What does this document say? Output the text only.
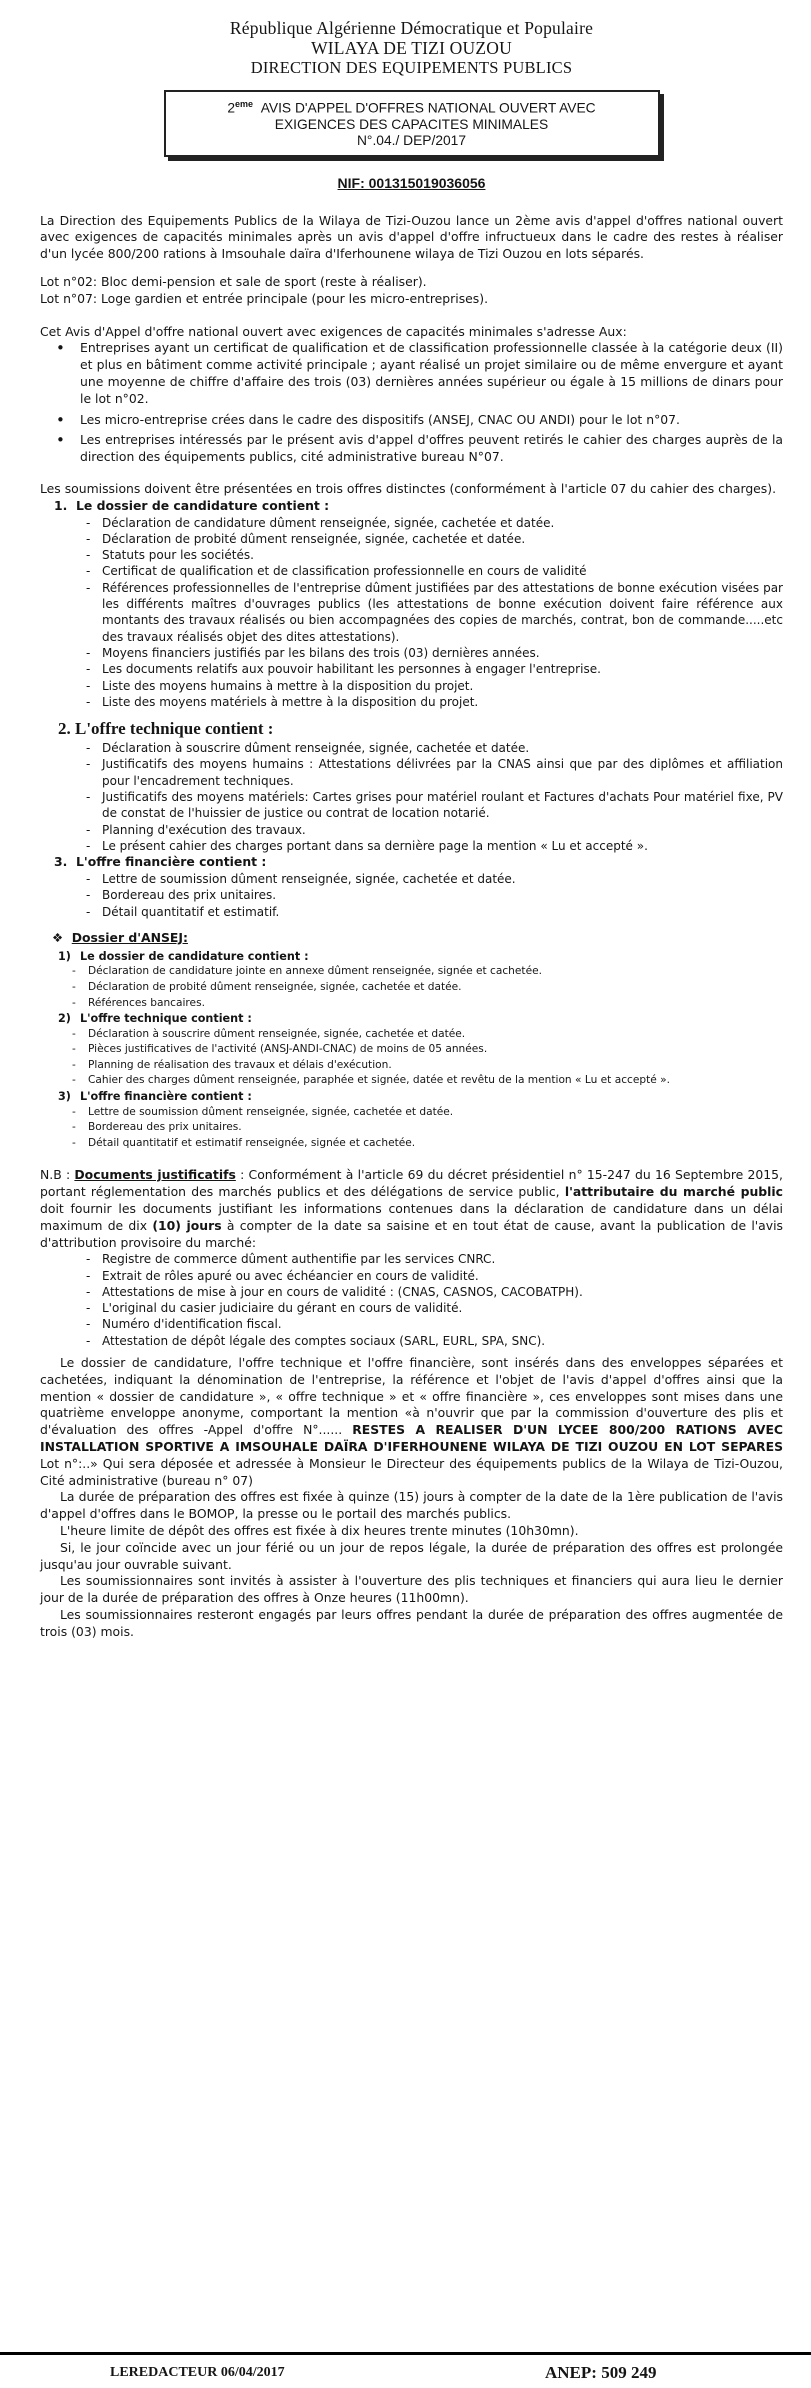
République Algérienne Démocratique et Populaire
WILAYA DE TIZI OUZOU
DIRECTION DES EQUIPEMENTS PUBLICS
2eme AVIS D'APPEL D'OFFRES NATIONAL OUVERT AVEC
EXIGENCES DES CAPACITES MINIMALES
N°.04./ DEP/2017
NIF: 001315019036056

La Direction des Equipements Publics de la Wilaya de Tizi-Ouzou lance un 2ème avis d'appel d'offres national ouvert avec exigences de capacités minimales après un avis d'appel d'offre infructueux dans le cadre des restes à réaliser d'un lycée 800/200 rations à Imsouhale daïra d'Iferhounene wilaya de Tizi Ouzou en lots séparés.

Lot n°02: Bloc demi-pension et sale de sport (reste à réaliser).

Lot n°07: Loge gardien et entrée principale (pour les micro-entreprises).

Cet Avis d'Appel d'offre national ouvert avec exigences de capacités minimales s'adresse Aux:

• Entreprises ayant un certificat de qualification et de classification professionnelle classée à la catégorie deux (II) et plus en bâtiment comme activité principale ; ayant réalisé un projet similaire ou de même envergure et ayant une moyenne de chiffre d'affaire des trois (03) dernières années supérieur ou égale à 15 millions de dinars pour le lot n°02.
• Les micro-entreprise crées dans le cadre des dispositifs (ANSEJ, CNAC OU ANDI) pour le lot n°07.
• Les entreprises intéressés par le présent avis d'appel d'offres peuvent retirés le cahier des charges auprès de la direction des équipements publics, cité administrative bureau N°07.

Les soumissions doivent être présentées en trois offres distinctes (conformément à l'article 07 du cahier des charges).

1. Le dossier de candidature contient :
- Déclaration de candidature dûment renseignée, signée, cachetée et datée.
- Déclaration de probité dûment renseignée, signée, cachetée et datée.
- Statuts pour les sociétés.
- Certificat de qualification et de classification professionnelle en cours de validité
- Références professionnelles de l'entreprise dûment justifiées par des attestations de bonne exécution visées par les différents maîtres d'ouvrages publics (les attestations de bonne exécution doivent faire référence aux montants des travaux réalisés ou bien accompagnées des copies de marchés, contrat, bon de commande.....etc des travaux réalisés objet des dites attestations).
- Moyens financiers justifiés par les bilans des trois (03) dernières années.
- Les documents relatifs aux pouvoir habilitant les personnes à engager l'entreprise.
- Liste des moyens humains à mettre à la disposition du projet.
- Liste des moyens matériels à mettre à la disposition du projet.
2. L'offre technique contient :
- Déclaration à souscrire dûment renseignée, signée, cachetée et datée.
- Justificatifs des moyens humains : Attestations délivrées par la CNAS ainsi que par des diplômes et affiliation pour l'encadrement techniques.
- Justificatifs des moyens matériels: Cartes grises pour matériel roulant et Factures d'achats Pour matériel fixe, PV de constat de l'huissier de justice ou contrat de location notarié.
- Planning d'exécution des travaux.
- Le présent cahier des charges portant dans sa dernière page la mention « Lu et accepté ».
3. L'offre financière contient :
- Lettre de soumission dûment renseignée, signée, cachetée et datée.
- Bordereau des prix unitaires.
- Détail quantitatif et estimatif.
❖ Dossier d'ANSEJ:
1) Le dossier de candidature contient :
- Déclaration de candidature jointe en annexe dûment renseignée, signée et cachetée.
- Déclaration de probité dûment renseignée, signée, cachetée et datée.
- Références bancaires.
2) L'offre technique contient :
- Déclaration à souscrire dûment renseignée, signée, cachetée et datée.
- Pièces justificatives de l'activité (ANSJ-ANDI-CNAC) de moins de 05 années.
- Planning de réalisation des travaux et délais d'exécution.
- Cahier des charges dûment renseignée, paraphée et signée, datée et revêtu de la mention « Lu et accepté ».
3) L'offre financière contient :
- Lettre de soumission dûment renseignée, signée, cachetée et datée.
- Bordereau des prix unitaires.
- Détail quantitatif et estimatif renseignée, signée et cachetée.

N.B : Documents justificatifs : Conformément à l'article 69 du décret présidentiel n° 15-247 du 16 Septembre 2015, portant réglementation des marchés publics et des délégations de service public, l'attributaire du marché public doit fournir les documents justifiant les informations contenues dans la déclaration de candidature dans un délai maximum de dix (10) jours à compter de la date sa saisine et en tout état de cause, avant la publication de l'avis d'attribution provisoire du marché:

- Registre de commerce dûment authentifie par les services CNRC.
- Extrait de rôles apuré ou avec échéancier en cours de validité.
- Attestations de mise à jour en cours de validité : (CNAS, CASNOS, CACOBATPH).
- L'original du casier judiciaire du gérant en cours de validité.
- Numéro d'identification fiscal.
- Attestation de dépôt légale des comptes sociaux (SARL, EURL, SPA, SNC).

Le dossier de candidature, l'offre technique et l'offre financière, sont insérés dans des enveloppes séparées et cachetées, indiquant la dénomination de l'entreprise, la référence et l'objet de l'avis d'appel d'offres ainsi que la mention « dossier de candidature », « offre technique » et « offre financière », ces enveloppes sont mises dans une quatrième enveloppe anonyme, comportant la mention «à n'ouvrir que par la commission d'ouverture des plis et d'évaluation des offres -Appel d'offre N°...... RESTES A REALISER D'UN LYCEE 800/200 RATIONS AVEC INSTALLATION SPORTIVE A IMSOUHALE DAÏRA D'IFERHOUNENE WILAYA DE TIZI OUZOU EN LOT SEPARES Lot n°:..» Qui sera déposée et adressée à Monsieur le Directeur des équipements publics de la Wilaya de Tizi-Ouzou, Cité administrative (bureau n° 07)

La durée de préparation des offres est fixée à quinze (15) jours à compter de la date de la 1ère publication de l'avis d'appel d'offres dans le BOMOP, la presse ou le portail des marchés publics.

L'heure limite de dépôt des offres est fixée à dix heures trente minutes (10h30mn).

Si, le jour coïncide avec un jour férié ou un jour de repos légale, la durée de préparation des offres est prolongée jusqu'au jour ouvrable suivant.

Les soumissionnaires sont invités à assister à l'ouverture des plis techniques et financiers qui aura lieu le dernier jour de la durée de préparation des offres à Onze heures (11h00mn).

Les soumissionnaires resteront engagés par leurs offres pendant la durée de préparation des offres augmentée de trois (03) mois.

LEREDACTEUR 06/04/2017	ANEP: 509 249
